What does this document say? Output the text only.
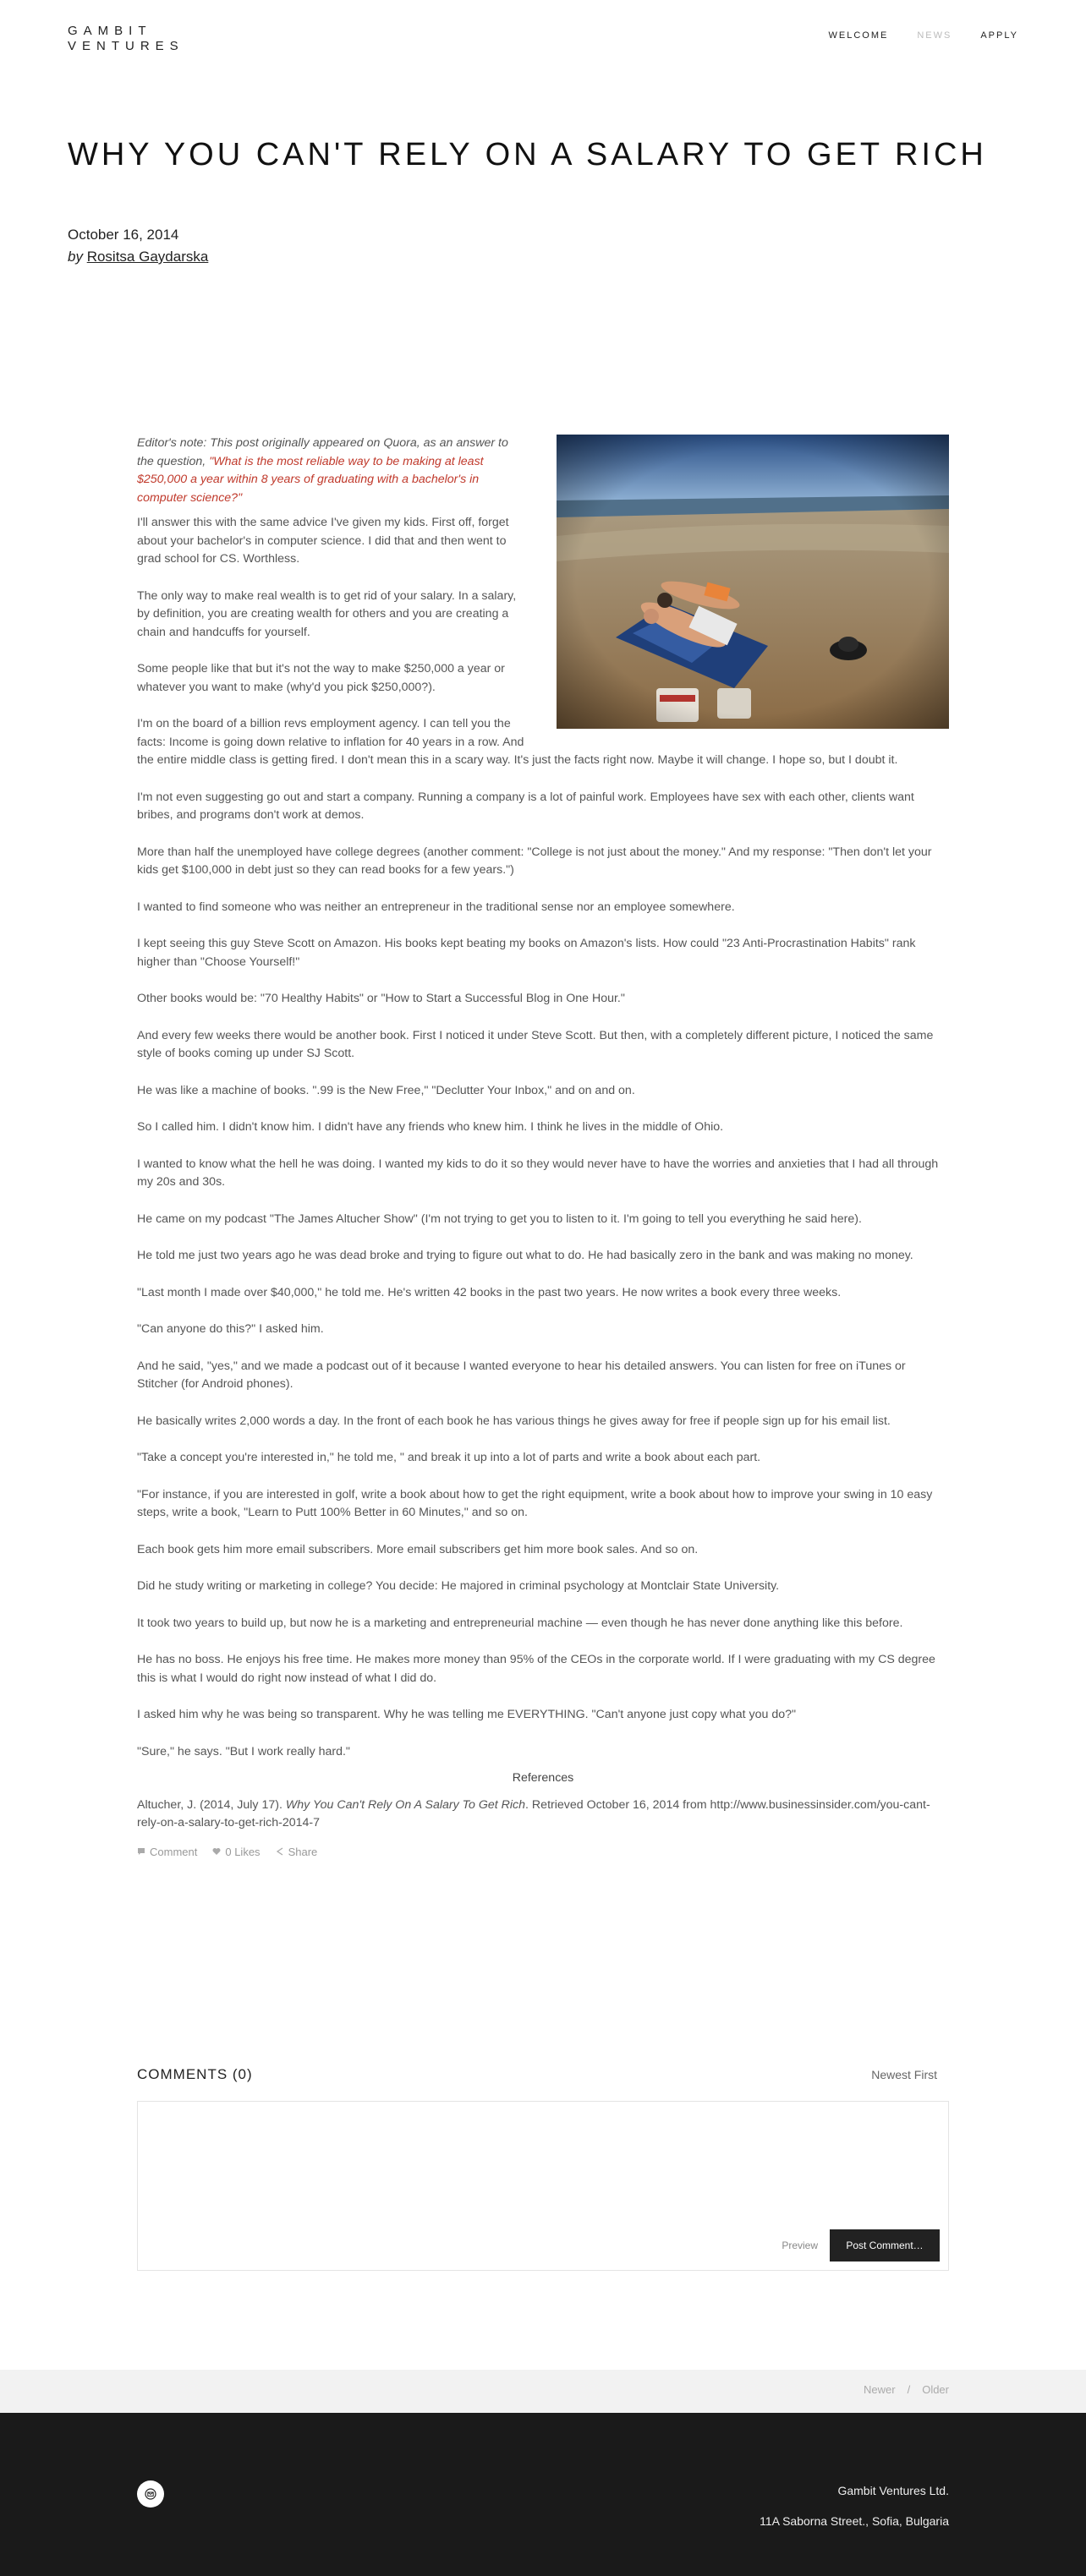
GAMBIT
VENTURES
WELCOME	NEWS	APPLY
WHY YOU CAN'T RELY ON A SALARY TO GET RICH
October 16, 2014
by Rositsa Gaydarska

Editor's note: This post originally appeared on Quora, as an answer to the question, "What is the most reliable way to be making at least $250,000 a year within 8 years of graduating with a bachelor's in computer science?"

I'll answer this with the same advice I've given my kids. First off, forget about your bachelor's in computer science. I did that and then went to grad school for CS. Worthless.

The only way to make real wealth is to get rid of your salary. In a salary, by definition, you are creating wealth for others and you are creating a chain and handcuffs for yourself.

Some people like that but it's not the way to make $250,000 a year or whatever you want to make (why'd you pick $250,000?).

I'm on the board of a billion revs employment agency. I can tell you the facts: Income is going down relative to inflation for 40 years in a row. And the entire middle class is getting fired. I don't mean this in a scary way. It's just the facts right now. Maybe it will change. I hope so, but I doubt it.

I'm not even suggesting go out and start a company. Running a company is a lot of painful work. Employees have sex with each other, clients want bribes, and programs don't work at demos.

More than half the unemployed have college degrees (another comment: "College is not just about the money." And my response: "Then don't let your kids get $100,000 in debt just so they can read books for a few years.")

I wanted to find someone who was neither an entrepreneur in the traditional sense nor an employee somewhere.

I kept seeing this guy Steve Scott on Amazon. His books kept beating my books on Amazon's lists. How could "23 Anti-Procrastination Habits" rank higher than "Choose Yourself!"

Other books would be: "70 Healthy Habits" or "How to Start a Successful Blog in One Hour."

And every few weeks there would be another book. First I noticed it under Steve Scott. But then, with a completely different picture, I noticed the same style of books coming up under SJ Scott.

He was like a machine of books. ".99 is the New Free," "Declutter Your Inbox," and on and on.

So I called him. I didn't know him. I didn't have any friends who knew him. I think he lives in the middle of Ohio.

I wanted to know what the hell he was doing. I wanted my kids to do it so they would never have to have the worries and anxieties that I had all through my 20s and 30s.

He came on my podcast "The James Altucher Show" (I'm not trying to get you to listen to it. I'm going to tell you everything he said here).

He told me just two years ago he was dead broke and trying to figure out what to do. He had basically zero in the bank and was making no money.

"Last month I made over $40,000," he told me. He's written 42 books in the past two years. He now writes a book every three weeks.

"Can anyone do this?" I asked him.

And he said, "yes," and we made a podcast out of it because I wanted everyone to hear his detailed answers. You can listen for free on iTunes or Stitcher (for Android phones).

He basically writes 2,000 words a day. In the front of each book he has various things he gives away for free if people sign up for his email list.

"Take a concept you're interested in," he told me, " and break it up into a lot of parts and write a book about each part.

"For instance, if you are interested in golf, write a book about how to get the right equipment, write a book about how to improve your swing in 10 easy steps, write a book, "Learn to Putt 100% Better in 60 Minutes," and so on.

Each book gets him more email subscribers. More email subscribers get him more book sales. And so on.

Did he study writing or marketing in college? You decide: He majored in criminal psychology at Montclair State University.

It took two years to build up, but now he is a marketing and entrepreneurial machine — even though he has never done anything like this before.

He has no boss. He enjoys his free time. He makes more money than 95% of the CEOs in the corporate world. If I were graduating with my CS degree this is what I would do right now instead of what I did do.

I asked him why he was being so transparent. Why he was telling me EVERYTHING. "Can't anyone just copy what you do?"

"Sure," he says. "But I work really hard."

References

Altucher, J. (2014, July 17). Why You Can't Rely On A Salary To Get Rich. Retrieved October 16, 2014 from http://www.businessinsider.com/you-cant-rely-on-a-salary-to-get-rich-2014-7

Comment	0 Likes	Share
COMMENTS (0)	Newest First
Preview	Post Comment…
Newer / Older
Gambit Ventures Ltd.
11A Saborna Street., Sofia, Bulgaria
